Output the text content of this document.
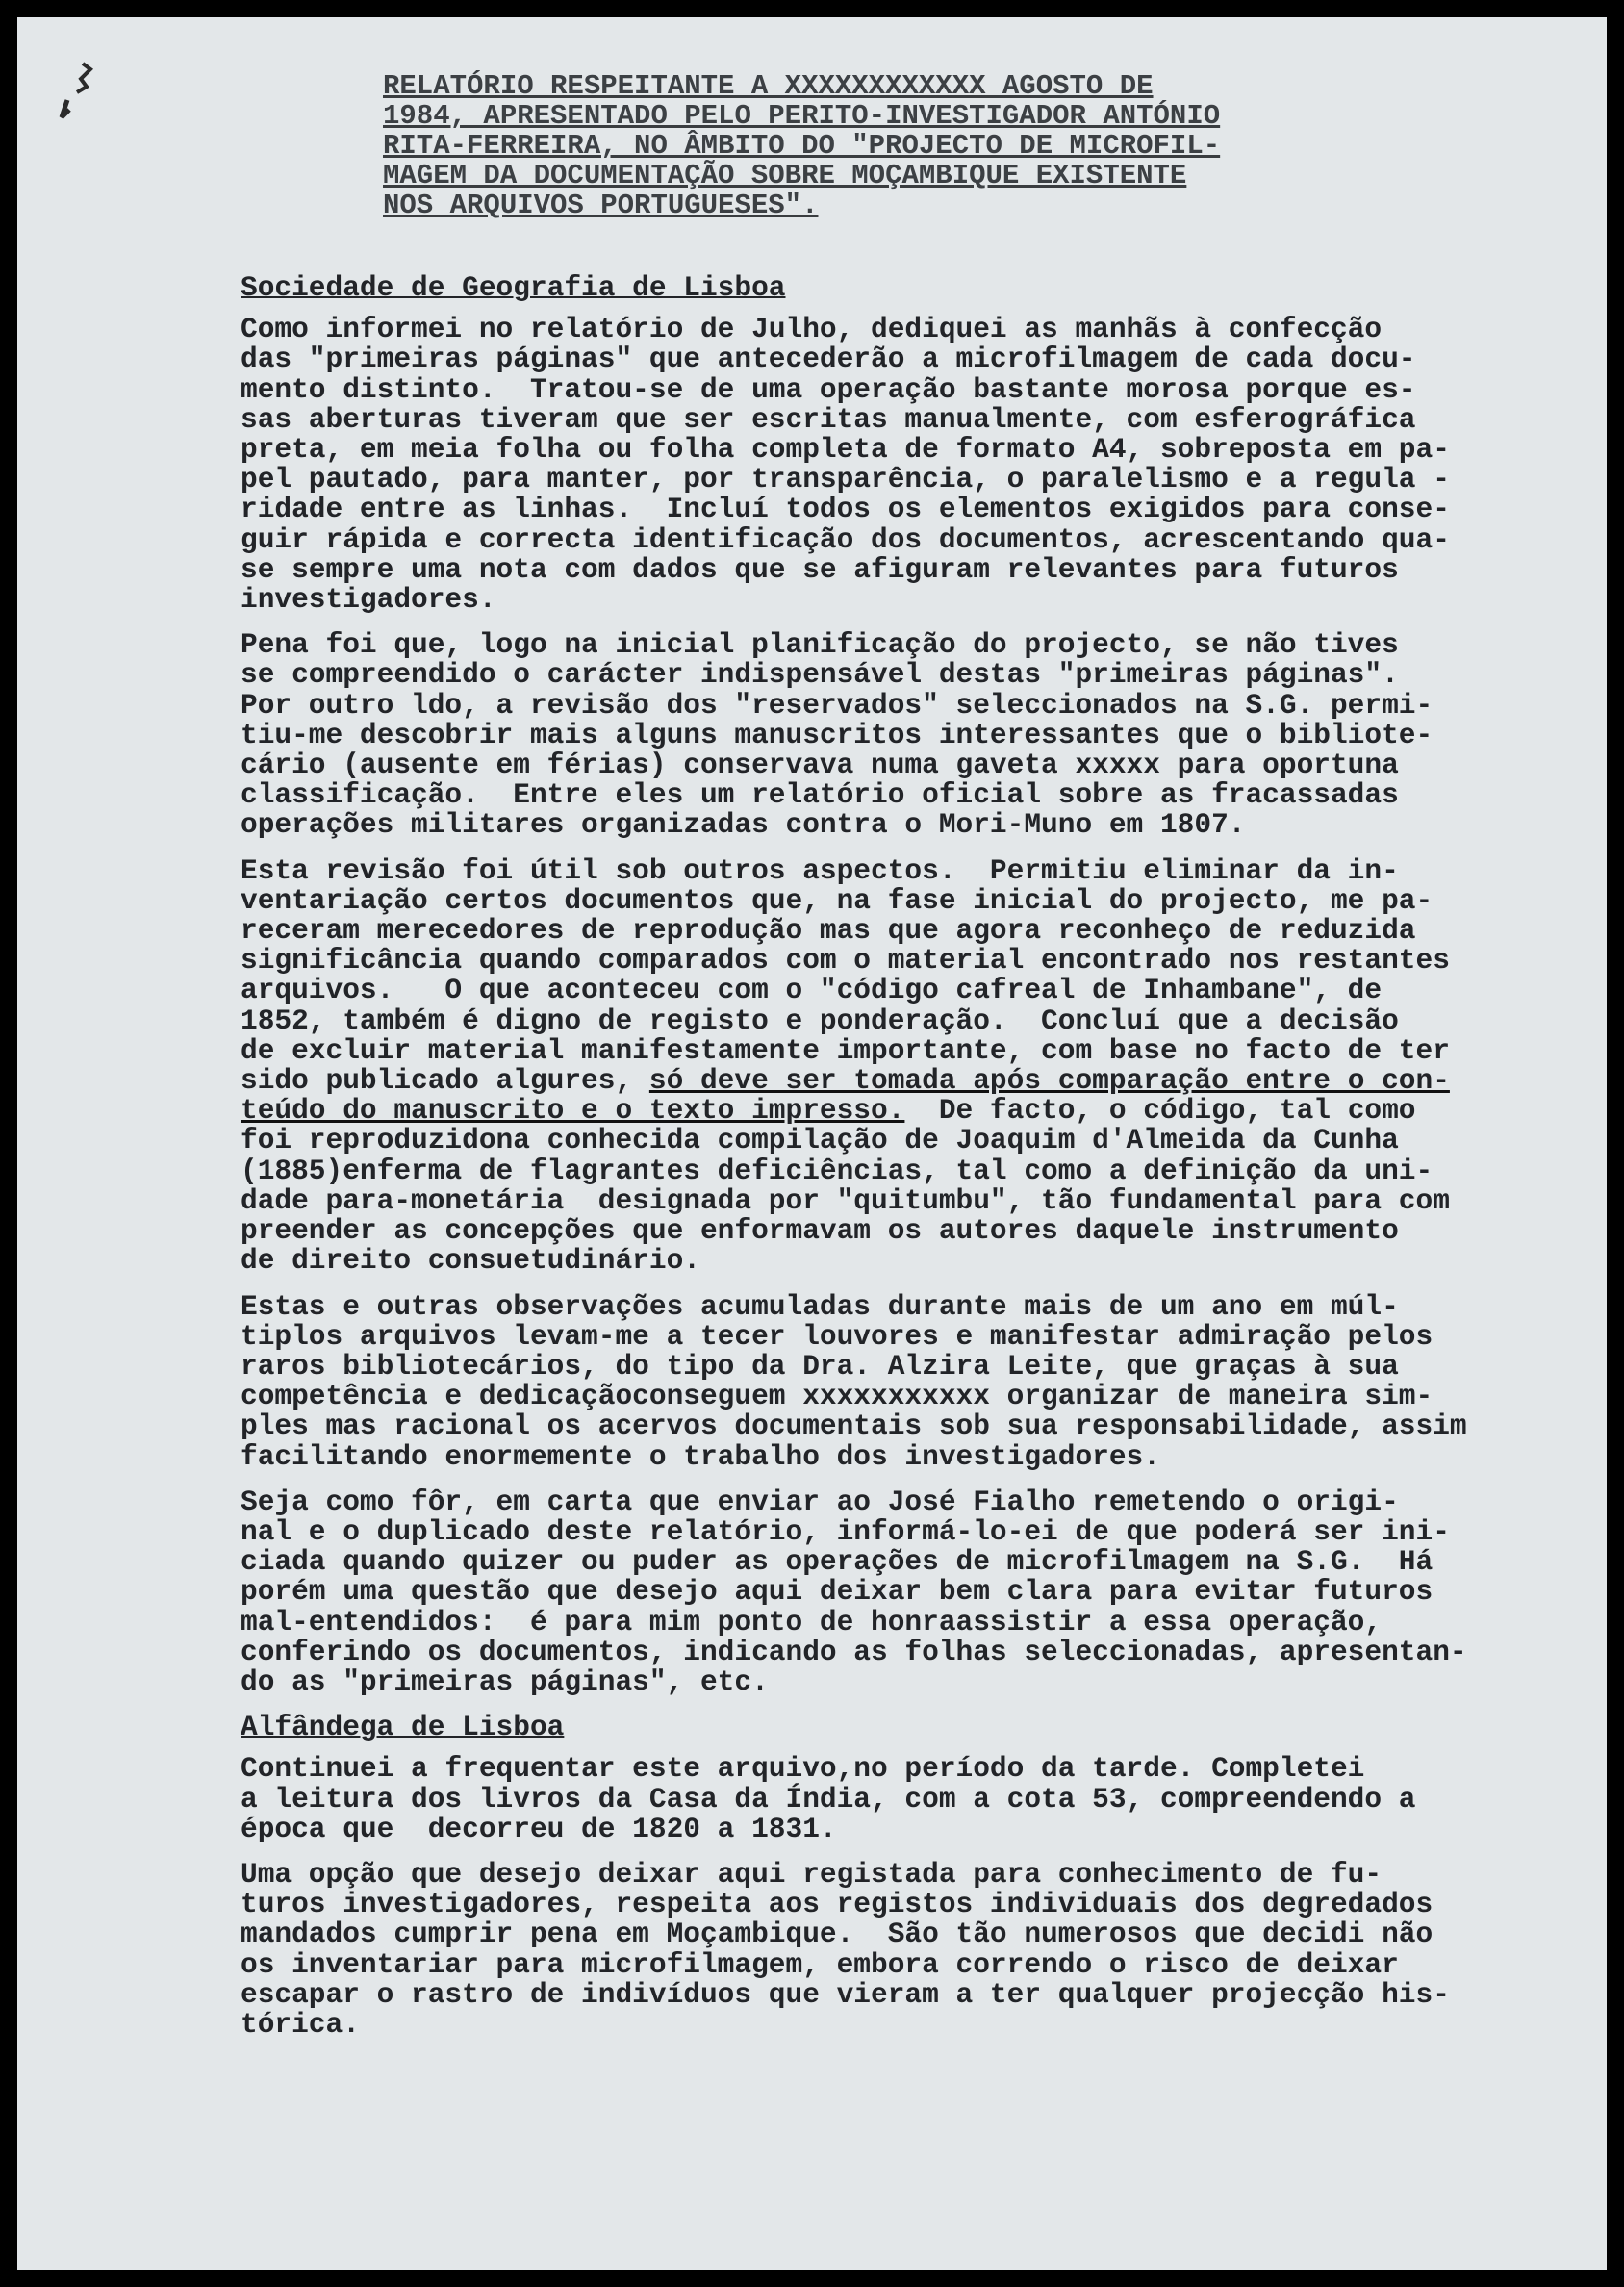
RELATÓRIO RESPEITANTE A XXXXXXXXXXXX AGOSTO DE
1984, APRESENTADO PELO PERITO-INVESTIGADOR ANTÓNIO
RITA-FERREIRA, NO ÂMBITO DO "PROJECTO DE MICROFIL-
MAGEM DA DOCUMENTAÇÃO SOBRE MOÇAMBIQUE EXISTENTE
NOS ARQUIVOS PORTUGUESES".
Sociedade de Geografia de Lisboa
Como informei no relatório de Julho, dediquei as manhãs à confecção
das "primeiras páginas" que antecederão a microfilmagem de cada docu-
mento distinto.  Tratou-se de uma operação bastante morosa porque es-
sas aberturas tiveram que ser escritas manualmente, com esferográfica
preta, em meia folha ou folha completa de formato A4, sobreposta em pa-
pel pautado, para manter, por transparência, o paralelismo e a regula -
ridade entre as linhas.  Incluí todos os elementos exigidos para conse-
guir rápida e correcta identificação dos documentos, acrescentando qua-
se sempre uma nota com dados que se afiguram relevantes para futuros
investigadores.
Pena foi que, logo na inicial planificação do projecto, se não tives
se compreendido o carácter indispensável destas "primeiras páginas".
Por outro ldo, a revisão dos "reservados" seleccionados na S.G. permi-
tiu-me descobrir mais alguns manuscritos interessantes que o bibliote-
cário (ausente em férias) conservava numa gaveta xxxxx para oportuna
classificação.  Entre eles um relatório oficial sobre as fracassadas
operações militares organizadas contra o Mori-Muno em 1807.
Esta revisão foi útil sob outros aspectos.  Permitiu eliminar da in-
ventariação certos documentos que, na fase inicial do projecto, me pa-
receram merecedores de reprodução mas que agora reconheço de reduzida
significância quando comparados com o material encontrado nos restantes
arquivos.   O que aconteceu com o "código cafreal de Inhambane", de
1852, também é digno de registo e ponderação.  Concluí que a decisão
de excluir material manifestamente importante, com base no facto de ter
sido publicado algures, só deve ser tomada após comparação entre o con-
teúdo do manuscrito e o texto impresso.  De facto, o código, tal como
foi reproduzidona conhecida compilação de Joaquim d'Almeida da Cunha
(1885)enferma de flagrantes deficiências, tal como a definição da uni-
dade para-monetária  designada por "quitumbu", tão fundamental para com
preender as concepções que enformavam os autores daquele instrumento
de direito consuetudinário.
Estas e outras observações acumuladas durante mais de um ano em múl-
tiplos arquivos levam-me a tecer louvores e manifestar admiração pelos
raros bibliotecários, do tipo da Dra. Alzira Leite, que graças à sua
competência e dedicaçãoconseguem xxxxxxxxxxx organizar de maneira sim-
ples mas racional os acervos documentais sob sua responsabilidade, assim
facilitando enormemente o trabalho dos investigadores.
Seja como fôr, em carta que enviar ao José Fialho remetendo o origi-
nal e o duplicado deste relatório, informá-lo-ei de que poderá ser ini-
ciada quando quizer ou puder as operações de microfilmagem na S.G.  Há
porém uma questão que desejo aqui deixar bem clara para evitar futuros
mal-entendidos:  é para mim ponto de honraassistir a essa operação,
conferindo os documentos, indicando as folhas seleccionadas, apresentan-
do as "primeiras páginas", etc.
Alfândega de Lisboa
Continuei a frequentar este arquivo,no período da tarde. Completei
a leitura dos livros da Casa da Índia, com a cota 53, compreendendo a
época que  decorreu de 1820 a 1831.
Uma opção que desejo deixar aqui registada para conhecimento de fu-
turos investigadores, respeita aos registos individuais dos degredados
mandados cumprir pena em Moçambique.  São tão numerosos que decidi não
os inventariar para microfilmagem, embora correndo o risco de deixar
escapar o rastro de indivíduos que vieram a ter qualquer projecção his-
tórica.
